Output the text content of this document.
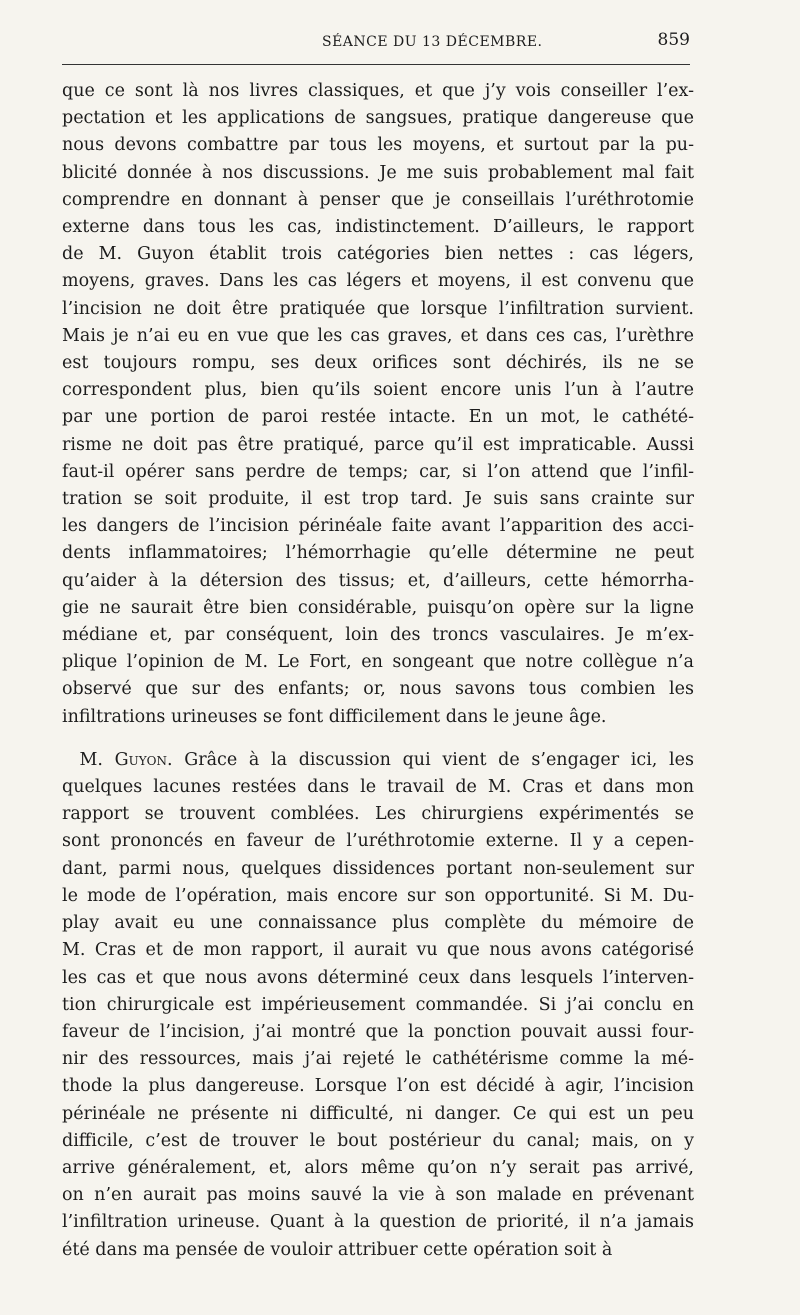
SÉANCE DU 13 DÉCEMBRE.	859

que ce sont là nos livres classiques, et que j’y vois conseiller l’ex-
pectation et les applications de sangsues, pratique dangereuse que
nous devons combattre par tous les moyens, et surtout par la pu-
blicité donnée à nos discussions. Je me suis probablement mal fait
comprendre en donnant à penser que je conseillais l’uréthrotomie
externe dans tous les cas, indistinctement. D’ailleurs, le rapport
de M. Guyon établit trois catégories bien nettes : cas légers,
moyens, graves. Dans les cas légers et moyens, il est convenu que
l’incision ne doit être pratiquée que lorsque l’infiltration survient.
Mais je n’ai eu en vue que les cas graves, et dans ces cas, l’urèthre
est toujours rompu, ses deux orifices sont déchirés, ils ne se
correspondent plus, bien qu’ils soient encore unis l’un à l’autre
par une portion de paroi restée intacte. En un mot, le cathété-
risme ne doit pas être pratiqué, parce qu’il est impraticable. Aussi
faut-il opérer sans perdre de temps; car, si l’on attend que l’infil-
tration se soit produite, il est trop tard. Je suis sans crainte sur
les dangers de l’incision périnéale faite avant l’apparition des acci-
dents inflammatoires; l’hémorrhagie qu’elle détermine ne peut
qu’aider à la détersion des tissus; et, d’ailleurs, cette hémorrha-
gie ne saurait être bien considérable, puisqu’on opère sur la ligne
médiane et, par conséquent, loin des troncs vasculaires. Je m’ex-
plique l’opinion de M. Le Fort, en songeant que notre collègue n’a
observé que sur des enfants; or, nous savons tous combien les
infiltrations urineuses se font difficilement dans le jeune âge.

 M. Guyon. Grâce à la discussion qui vient de s’engager ici, les
quelques lacunes restées dans le travail de M. Cras et dans mon
rapport se trouvent comblées. Les chirurgiens expérimentés se
sont prononcés en faveur de l’uréthrotomie externe. Il y a cepen-
dant, parmi nous, quelques dissidences portant non-seulement sur
le mode de l’opération, mais encore sur son opportunité. Si M. Du-
play avait eu une connaissance plus complète du mémoire de
M. Cras et de mon rapport, il aurait vu que nous avons catégorisé
les cas et que nous avons déterminé ceux dans lesquels l’interven-
tion chirurgicale est impérieusement commandée. Si j’ai conclu en
faveur de l’incision, j’ai montré que la ponction pouvait aussi four-
nir des ressources, mais j’ai rejeté le cathétérisme comme la mé-
thode la plus dangereuse. Lorsque l’on est décidé à agir, l’incision
périnéale ne présente ni difficulté, ni danger. Ce qui est un peu
difficile, c’est de trouver le bout postérieur du canal; mais, on y
arrive généralement, et, alors même qu’on n’y serait pas arrivé,
on n’en aurait pas moins sauvé la vie à son malade en prévenant
l’infiltration urineuse. Quant à la question de priorité, il n’a jamais
été dans ma pensée de vouloir attribuer cette opération soit à
